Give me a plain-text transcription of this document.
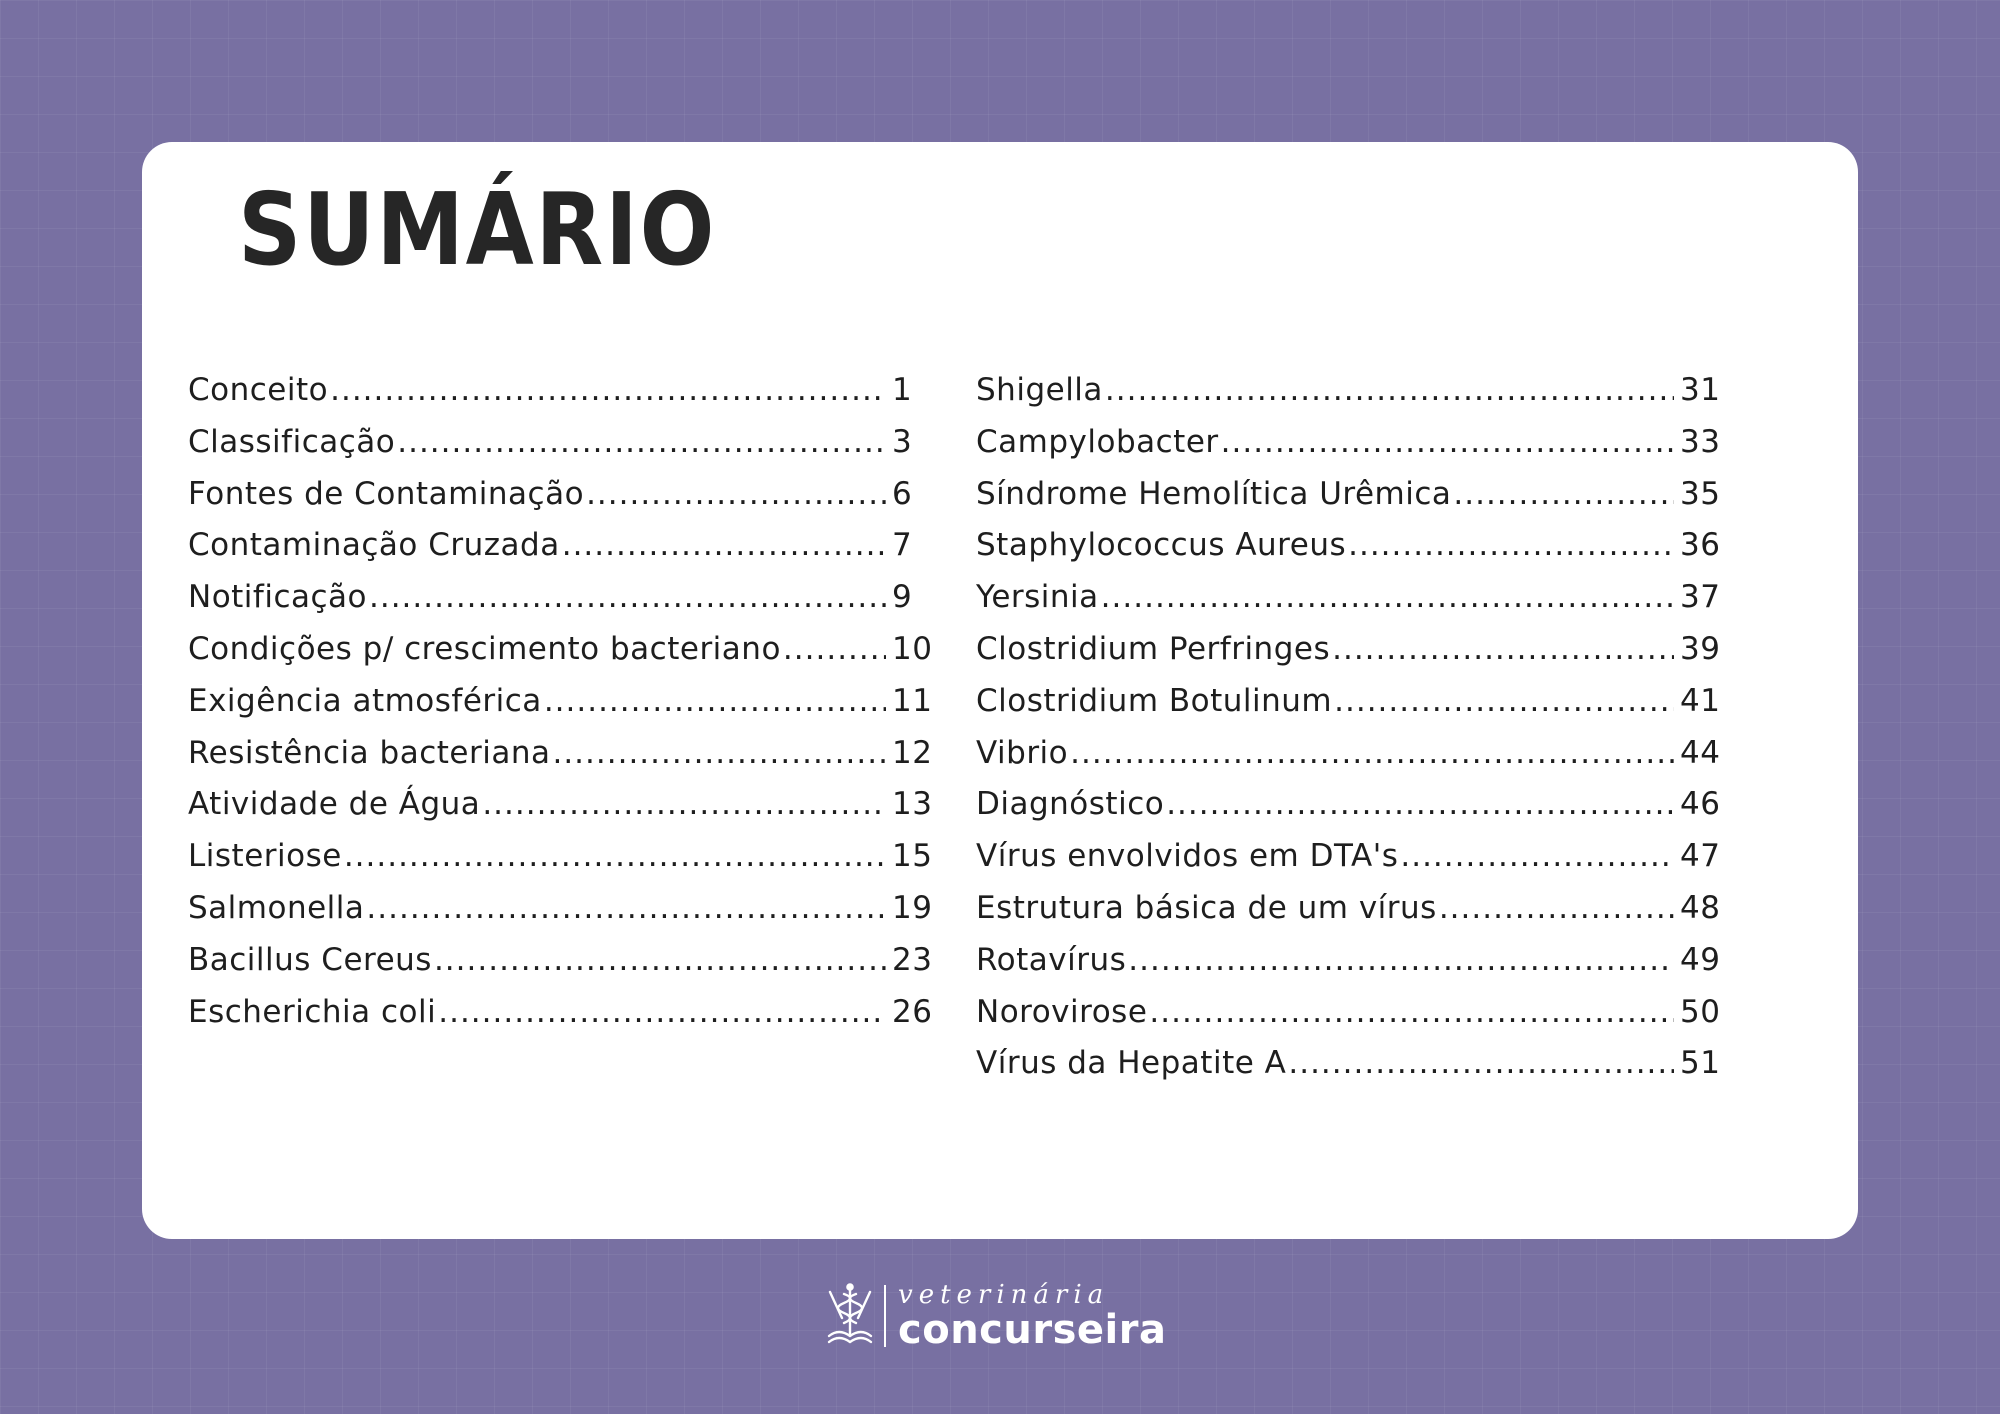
SUMÁRIO
Conceito .....	1
Classificação .....	3
Fontes de Contaminação .....	6
Contaminação Cruzada .....	7
Notificação .....	9
Condições p/ crescimento bacteriano .....	10
Exigência atmosférica .....	11
Resistência bacteriana .....	12
Atividade de Água .....	13
Listeriose .....	15
Salmonella .....	19
Bacillus Cereus .....	23
Escherichia coli .....	26
Shigella .....	31
Campylobacter .....	33
Síndrome Hemolítica Urêmica .....	35
Staphylococcus Aureus .....	36
Yersinia .....	37
Clostridium Perfringes .....	39
Clostridium Botulinum .....	41
Vibrio .....	44
Diagnóstico .....	46
Vírus envolvidos em DTA's .....	47
Estrutura básica de um vírus .....	48
Rotavírus .....	49
Norovirose .....	50
Vírus da Hepatite A .....	51
veterinária
concurseira
